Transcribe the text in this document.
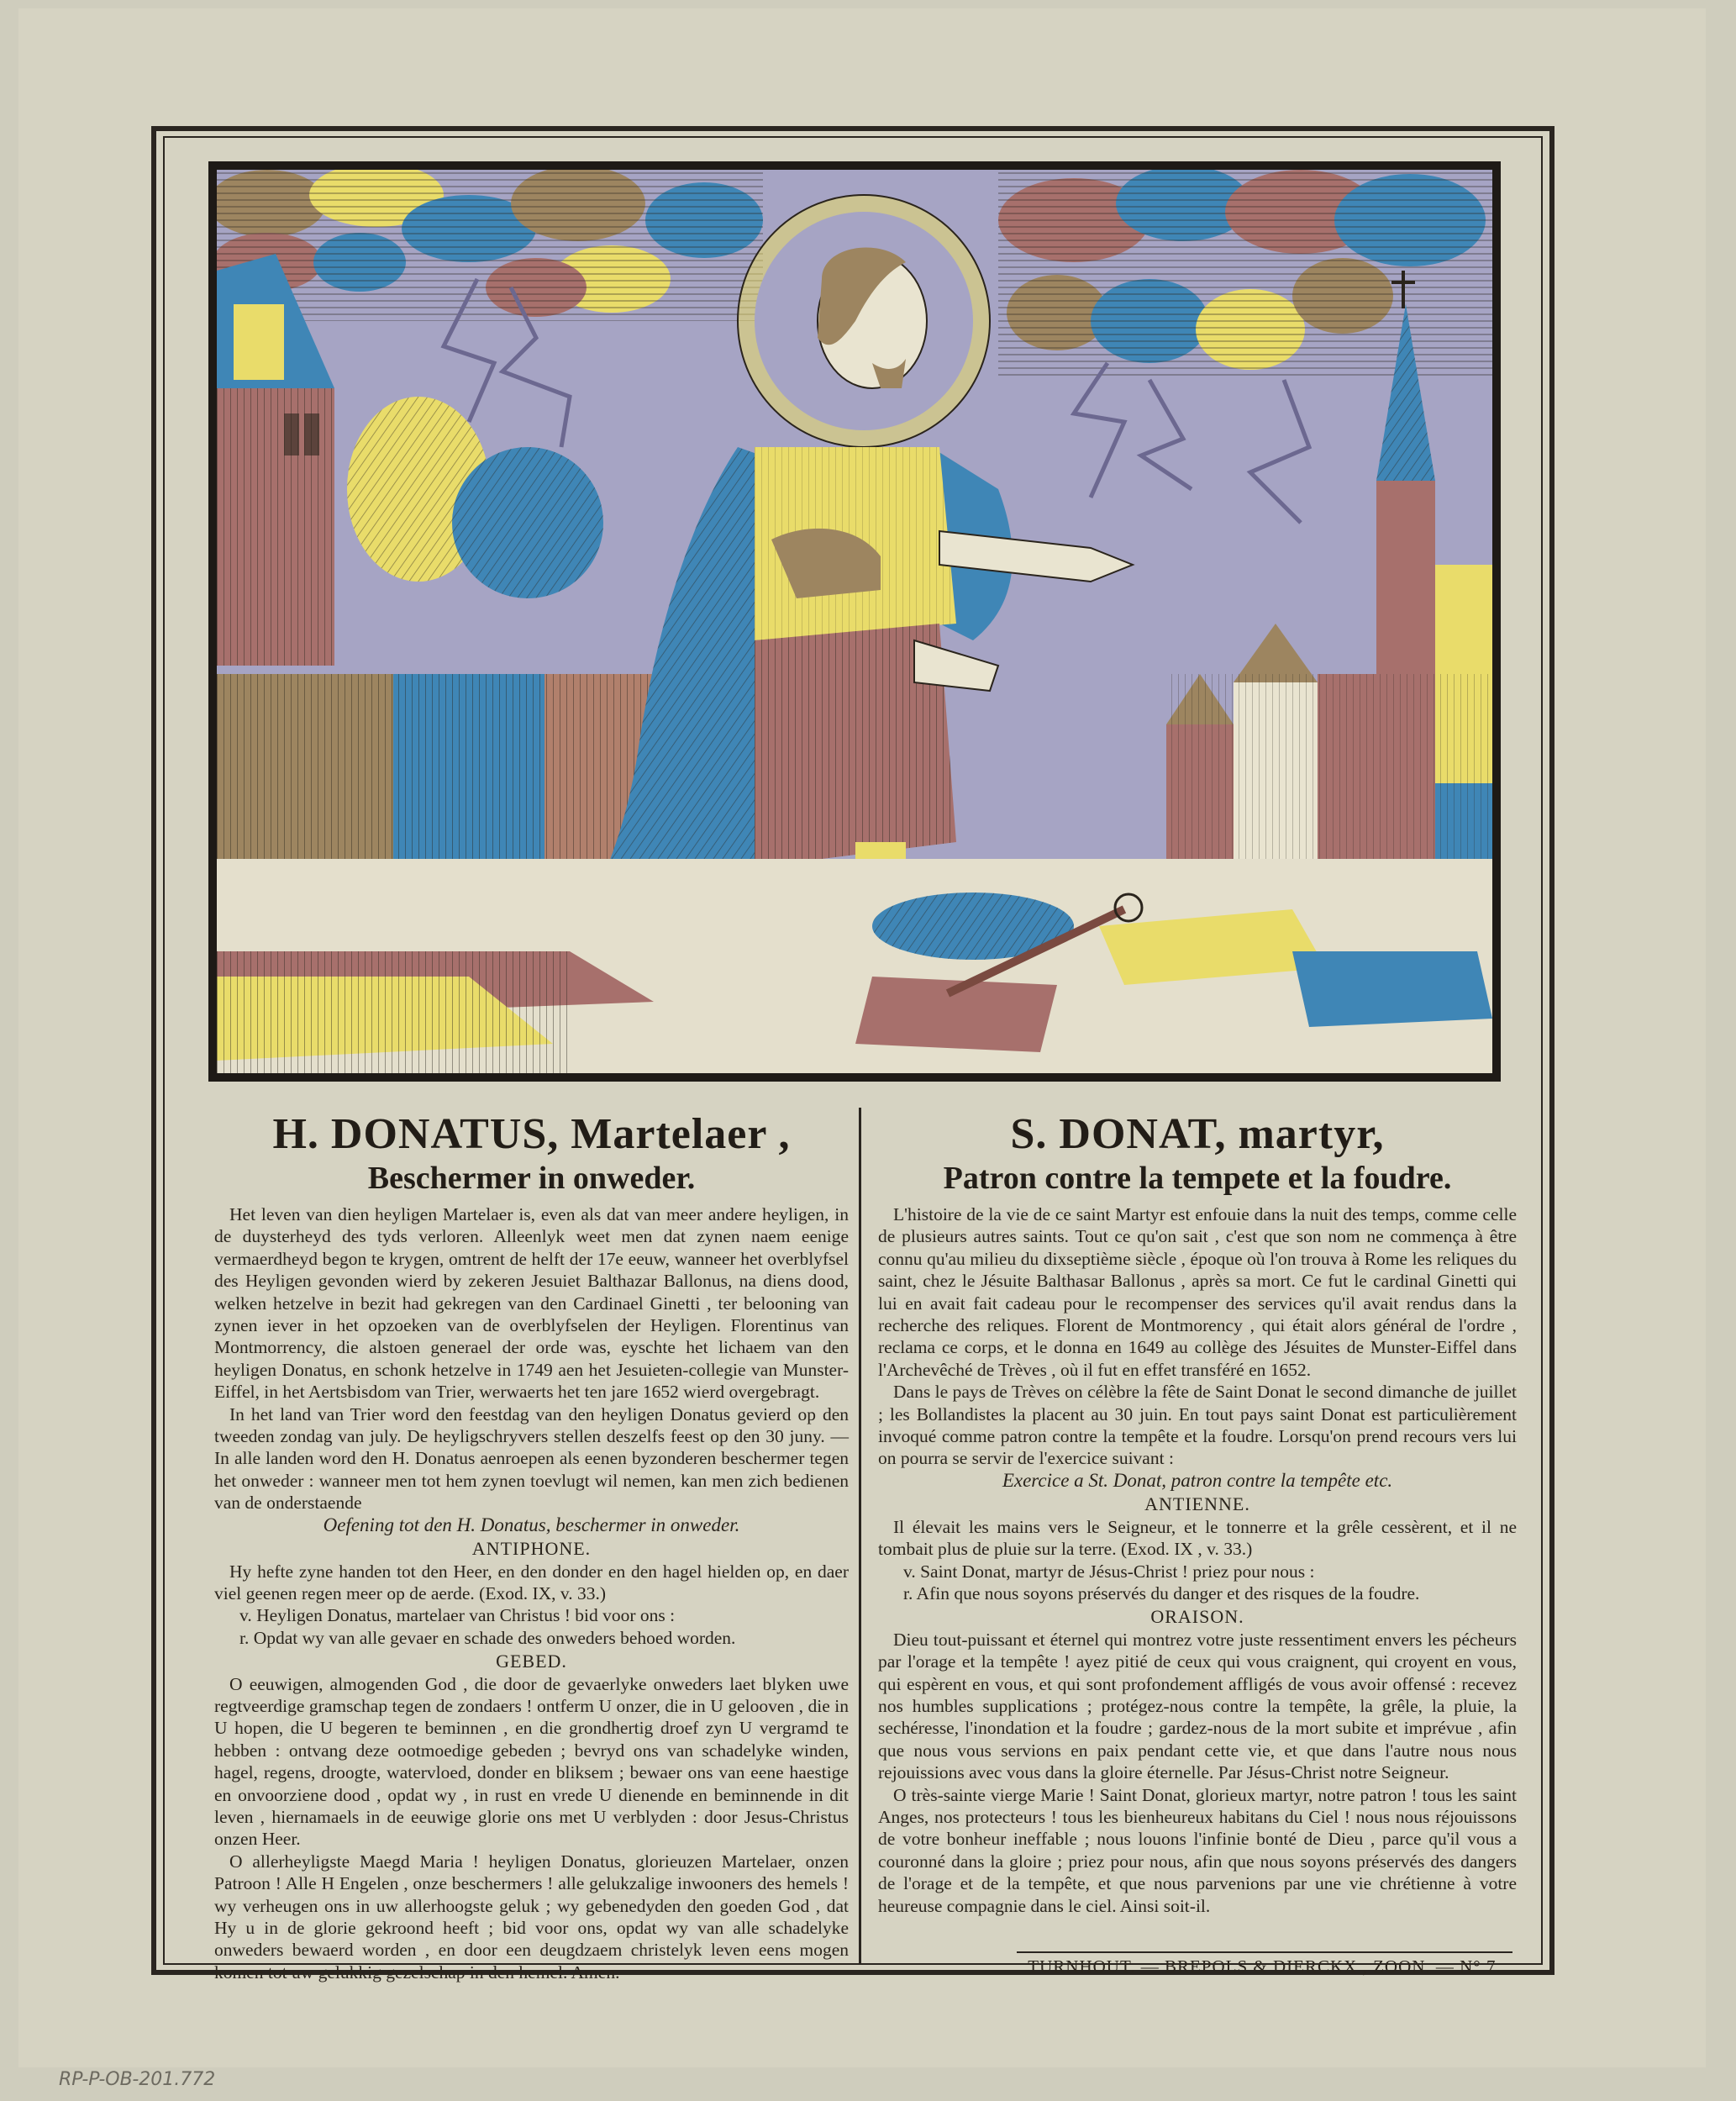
H. DONATUS, Martelaer ,
Beschermer in onweder.

Het leven van dien heyligen Martelaer is, even als dat van meer andere heyligen, in de duysterheyd des tyds verloren. Alleenlyk weet men dat zynen naem eenige vermaerdheyd begon te krygen, omtrent de helft der 17e eeuw, wanneer het overblyfsel des Heyligen gevonden wierd by zekeren Jesuiet Balthazar Ballonus, na diens dood, welken hetzelve in bezit had gekregen van den Cardinael Ginetti , ter belooning van zynen iever in het opzoeken van de overblyfselen der Heyligen. Florentinus van Montmorrency, die alstoen generael der orde was, eyschte het lichaem van den heyligen Donatus, en schonk hetzelve in 1749 aen het Jesuieten-collegie van Munster-Eiffel, in het Aertsbisdom van Trier, werwaerts het ten jare 1652 wierd overgebragt.

In het land van Trier word den feestdag van den heyligen Donatus gevierd op den tweeden zondag van july. De heyligschryvers stellen deszelfs feest op den 30 juny. — In alle landen word den H. Donatus aenroepen als eenen byzonderen beschermer tegen het onweder : wanneer men tot hem zynen toevlugt wil nemen, kan men zich bedienen van de onderstaende

Oefening tot den H. Donatus, beschermer in onweder.

ANTIPHONE.

Hy hefte zyne handen tot den Heer, en den donder en den hagel hielden op, en daer viel geenen regen meer op de aerde. (Exod. IX, v. 33.)

v. Heyligen Donatus, martelaer van Christus ! bid voor ons :

r. Opdat wy van alle gevaer en schade des onweders behoed worden.

GEBED.

O eeuwigen, almogenden God , die door de gevaerlyke onweders laet blyken uwe regtveerdige gramschap tegen de zondaers ! ontferm U onzer, die in U gelooven , die in U hopen, die U begeren te beminnen , en die grondhertig droef zyn U vergramd te hebben : ontvang deze ootmoedige gebeden ; bevryd ons van schadelyke winden, hagel, regens, droogte, watervloed, donder en bliksem ; bewaer ons van eene haestige en onvoorziene dood , opdat wy , in rust en vrede U dienende en beminnende in dit leven , hiernamaels in de eeuwige glorie ons met U verblyden : door Jesus-Christus onzen Heer.

O allerheyligste Maegd Maria ! heyligen Donatus, glorieuzen Martelaer, onzen Patroon ! Alle H Engelen , onze beschermers ! alle gelukzalige inwooners des hemels ! wy verheugen ons in uw allerhoogste geluk ; wy gebenedyden den goeden God , dat Hy u in de glorie gekroond heeft ; bid voor ons, opdat wy van alle schadelyke onweders bewaerd worden , en door een deugdzaem christelyk leven eens mogen komen tot uw gelukkig gezelschap in den hemel. Amen.

S. DONAT, martyr,
Patron contre la tempete et la foudre.

L'histoire de la vie de ce saint Martyr est enfouie dans la nuit des temps, comme celle de plusieurs autres saints. Tout ce qu'on sait , c'est que son nom ne commença à être connu qu'au milieu du dixseptième siècle , époque où l'on trouva à Rome les reliques du saint, chez le Jésuite Balthasar Ballonus , après sa mort. Ce fut le cardinal Ginetti qui lui en avait fait cadeau pour le recompenser des services qu'il avait rendus dans la recherche des reliques. Florent de Montmorency , qui était alors général de l'ordre , reclama ce corps, et le donna en 1649 au collège des Jésuites de Munster-Eiffel dans l'Archevêché de Trèves , où il fut en effet transféré en 1652.

Dans le pays de Trèves on célèbre la fête de Saint Donat le second dimanche de juillet ; les Bollandistes la placent au 30 juin. En tout pays saint Donat est particulièrement invoqué comme patron contre la tempête et la foudre. Lorsqu'on prend recours vers lui on pourra se servir de l'exercice suivant :

Exercice a St. Donat, patron contre la tempête etc.

ANTIENNE.

Il élevait les mains vers le Seigneur, et le tonnerre et la grêle cessèrent, et il ne tombait plus de pluie sur la terre. (Exod. IX , v. 33.)

v. Saint Donat, martyr de Jésus-Christ ! priez pour nous :

r. Afin que nous soyons préservés du danger et des risques de la foudre.

ORAISON.

Dieu tout-puissant et éternel qui montrez votre juste ressentiment envers les pécheurs par l'orage et la tempête ! ayez pitié de ceux qui vous craignent, qui croyent en vous, qui espèrent en vous, et qui sont profondement affligés de vous avoir offensé : recevez nos humbles supplications ; protégez-nous contre la tempête, la grêle, la pluie, la sechéresse, l'inondation et la foudre ; gardez-nous de la mort subite et imprévue , afin que nous vous servions en paix pendant cette vie, et que dans l'autre nous nous rejouissions avec vous dans la gloire éternelle. Par Jésus-Christ notre Seigneur.

O très-sainte vierge Marie ! Saint Donat, glorieux martyr, notre patron ! tous les saint Anges, nos protecteurs ! tous les bienheureux habitans du Ciel ! nous nous réjouissons de votre bonheur ineffable ; nous louons l'infinie bonté de Dieu , parce qu'il vous a couronné dans la gloire ; priez pour nous, afin que nous soyons préservés des dangers de l'orage et de la tempête, et que nous parvenions par une vie chrétienne à votre heureuse compagnie dans le ciel. Ainsi soit-il.

TURNHOUT. — BREPOLS & DIERCKX , ZOON. — N° 7.
RP-P-OB-201.772
